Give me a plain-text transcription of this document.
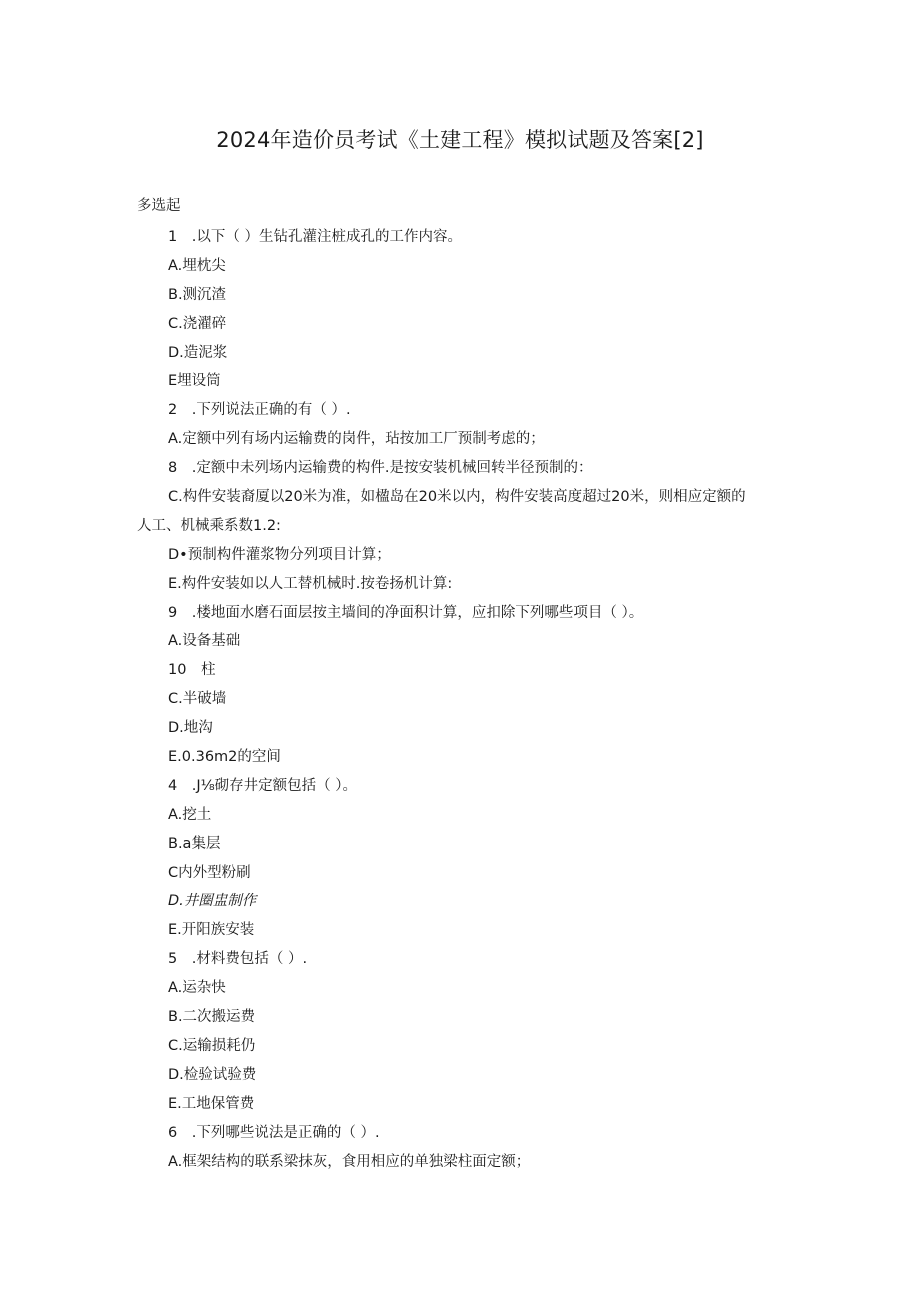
2024年造价员考试《土建工程》模拟试题及答案[2]
多选起
1　.以下（ ）生钻孔灌注桩成孔的工作内容。
A.埋枕尖
B.测沉渣
C.浇濯碎
D.造泥浆
E埋设筒
2　.下列说法正确的有（ ）.
A.定额中列有场内运输费的岗件，玷按加工厂预制考虑的；
8　.定额中未列场内运输费的构件.是按安装机械回转半径预制的：
C.构件安装裔厦以20米为准，如楹岛在20米以内，构件安装高度超过20米，则相应定额的
人工、机械乘系数1.2:
D•预制构件灌浆物分列项目计算；
E.构件安装如以人工替机械时.按卷扬机计算:
9　.楼地面水磨石面层按主墙间的净面积计算，应扣除下列哪些项目（ ）。
A.设备基础
10　柱
C.半破墙
D.地沟
E.0.36m2的空间
4　.J⅛砌存井定额包括（ ）。
A.挖土
B.a集层
C内外型粉刷
D.井圈盅制作
E.开阳族安装
5　.材料费包括（ ）.
A.运杂快
B.二次搬运费
C.运输损耗仍
D.检验试验费
E.工地保管费
6　.下列哪些说法是正确的（ ）.
A.框架结构的联系梁抹灰，食用相应的单独梁柱面定额；
